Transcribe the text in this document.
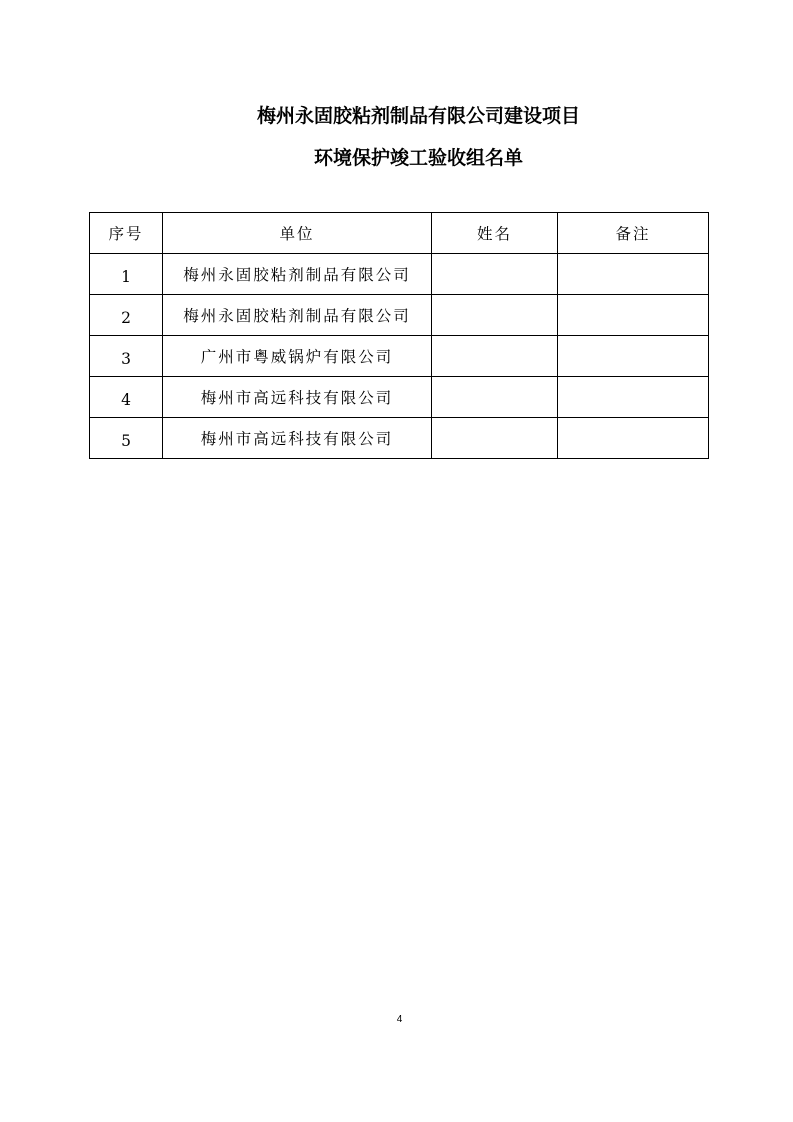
梅州永固胶粘剂制品有限公司建设项目
环境保护竣工验收组名单
序号	单位	姓名	备注
1	梅州永固胶粘剂制品有限公司		
2	梅州永固胶粘剂制品有限公司		
3	广州市粤威锅炉有限公司		
4	梅州市高远科技有限公司		
5	梅州市高远科技有限公司		

4
